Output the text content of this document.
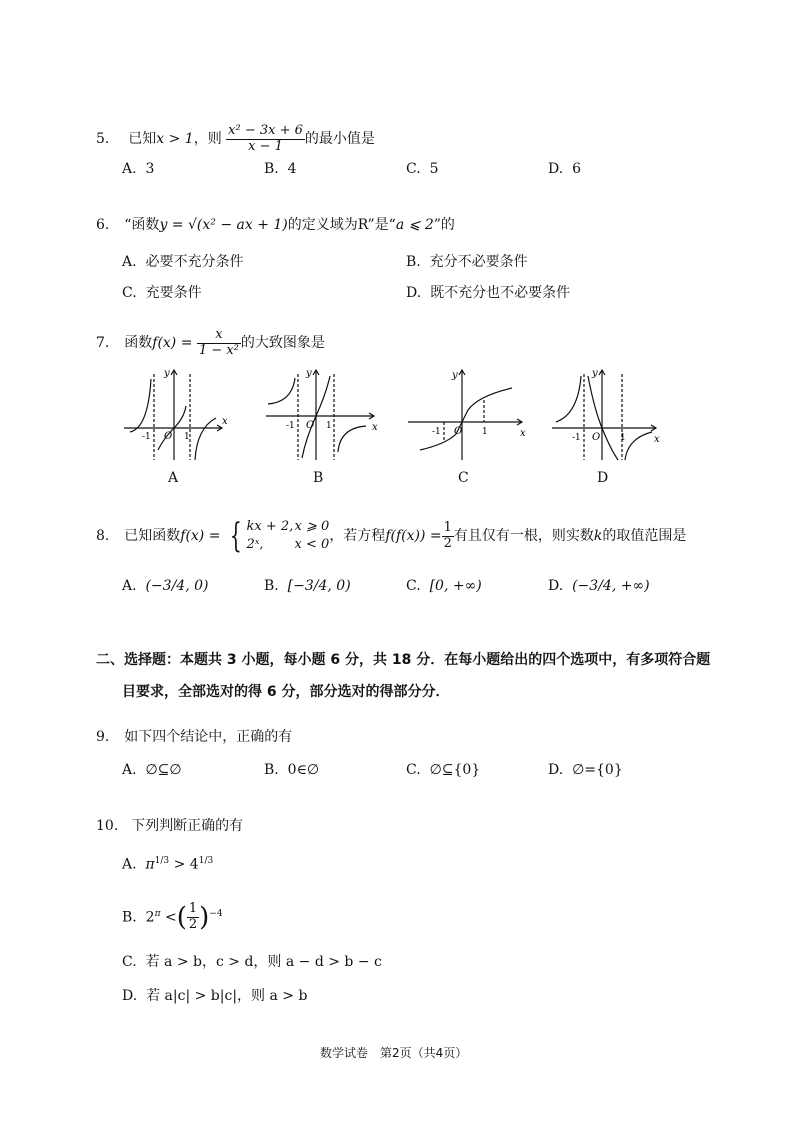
5. 已知x > 1，则 $\frac{\text{x² − 3x + 6}}{x - 1}$ 的最小值是
A. 3	B. 4	C. 5	D. 6
6. “函数y = √(x² − ax + 1)的定义域为R”是“a ⩽ 2”的
A. 必要不充分条件	B. 充分不必要条件
C. 充要条件	D. 既不充分也不必要条件
7. 函数$f(x) = \frac{x}{\text{1 − x²}}$ 的大致图象是
y
x
O
-1	1
A
y
x
O
-1	1
B
y
x
O
-1	1
C
y
x
O
-1	1
D
8. 已知函数f(x) = { kx + 2,x ⩾ 0
2ˣ, x < 0
，若方程$f(f(x)) = \frac{1}{2}$ 有且仅有一根，则实数k的取值范围是
A. (−3/4, 0)	B. [−3/4, 0)	C. [0, +∞)	D. (−3/4, +∞)
二、选择题：本题共 3 小题，每小题 6 分，共 18 分．在每小题给出的四个选项中，有多项符合题
目要求，全部选对的得 6 分，部分选对的得部分分．
9. 如下四个结论中，正确的有
A. ∅⊆∅	B. 0∈∅	C. ∅⊆{0}	D. ∅={0}
10. 下列判断正确的有
A. $\pi^{1/3} > 4^{1/3}$
B. $2^\pi$ <( $\frac{1}{2} )^{-4}$
C. 若 a > b，c > d，则 a − d > b − c
D. 若 a|c| > b|c|，则 a > b
数学试卷　第2页（共4页）
